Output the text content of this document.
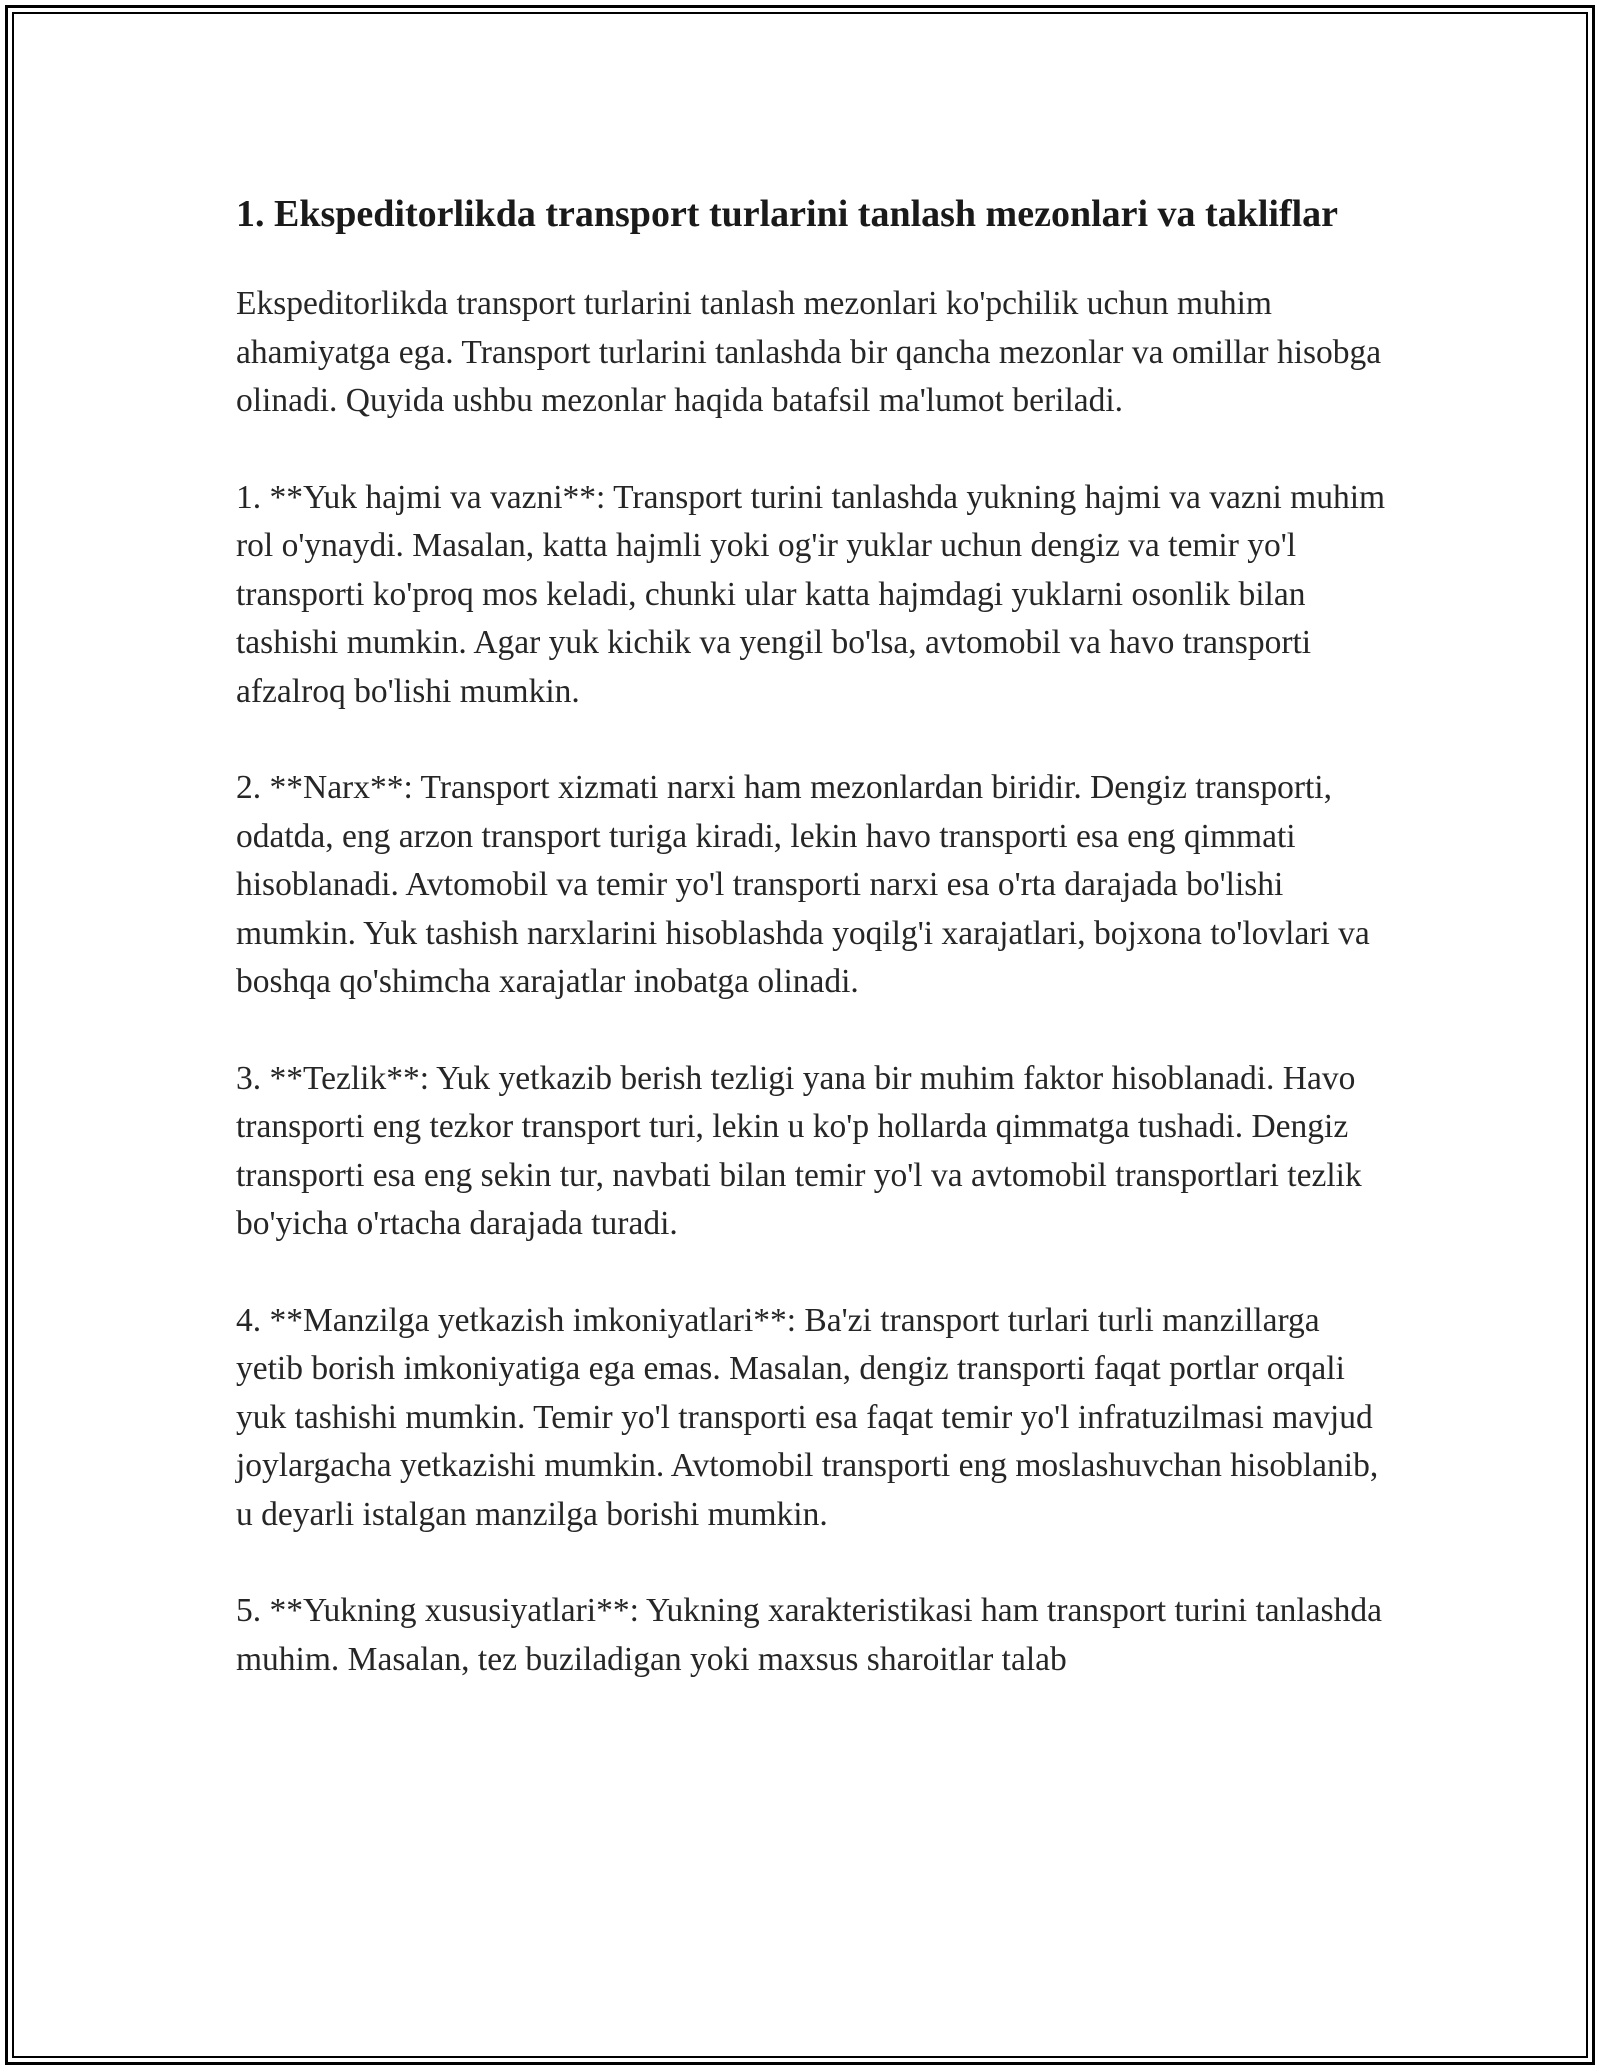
1. Ekspeditorlikda transport turlarini tanlash mezonlari va takliflar

Ekspeditorlikda transport turlarini tanlash mezonlari ko'pchilik uchun muhim ahamiyatga ega. Transport turlarini tanlashda bir qancha mezonlar va omillar hisobga olinadi. Quyida ushbu mezonlar haqida batafsil ma'lumot beriladi.

1. **Yuk hajmi va vazni**: Transport turini tanlashda yukning hajmi va vazni muhim rol o'ynaydi. Masalan, katta hajmli yoki og'ir yuklar uchun dengiz va temir yo'l transporti ko'proq mos keladi, chunki ular katta hajmdagi yuklarni osonlik bilan tashishi mumkin. Agar yuk kichik va yengil bo'lsa, avtomobil va havo transporti afzalroq bo'lishi mumkin.

2. **Narx**: Transport xizmati narxi ham mezonlardan biridir. Dengiz transporti, odatda, eng arzon transport turiga kiradi, lekin havo transporti esa eng qimmati hisoblanadi. Avtomobil va temir yo'l transporti narxi esa o'rta darajada bo'lishi mumkin. Yuk tashish narxlarini hisoblashda yoqilg'i xarajatlari, bojxona to'lovlari va boshqa qo'shimcha xarajatlar inobatga olinadi.

3. **Tezlik**: Yuk yetkazib berish tezligi yana bir muhim faktor hisoblanadi. Havo transporti eng tezkor transport turi, lekin u ko'p hollarda qimmatga tushadi. Dengiz transporti esa eng sekin tur, navbati bilan temir yo'l va avtomobil transportlari tezlik bo'yicha o'rtacha darajada turadi.

4. **Manzilga yetkazish imkoniyatlari**: Ba'zi transport turlari turli manzillarga yetib borish imkoniyatiga ega emas. Masalan, dengiz transporti faqat portlar orqali yuk tashishi mumkin. Temir yo'l transporti esa faqat temir yo'l infratuzilmasi mavjud joylargacha yetkazishi mumkin. Avtomobil transporti eng moslashuvchan hisoblanib, u deyarli istalgan manzilga borishi mumkin.

5. **Yukning xususiyatlari**: Yukning xarakteristikasi ham transport turini tanlashda muhim. Masalan, tez buziladigan yoki maxsus sharoitlar talab
